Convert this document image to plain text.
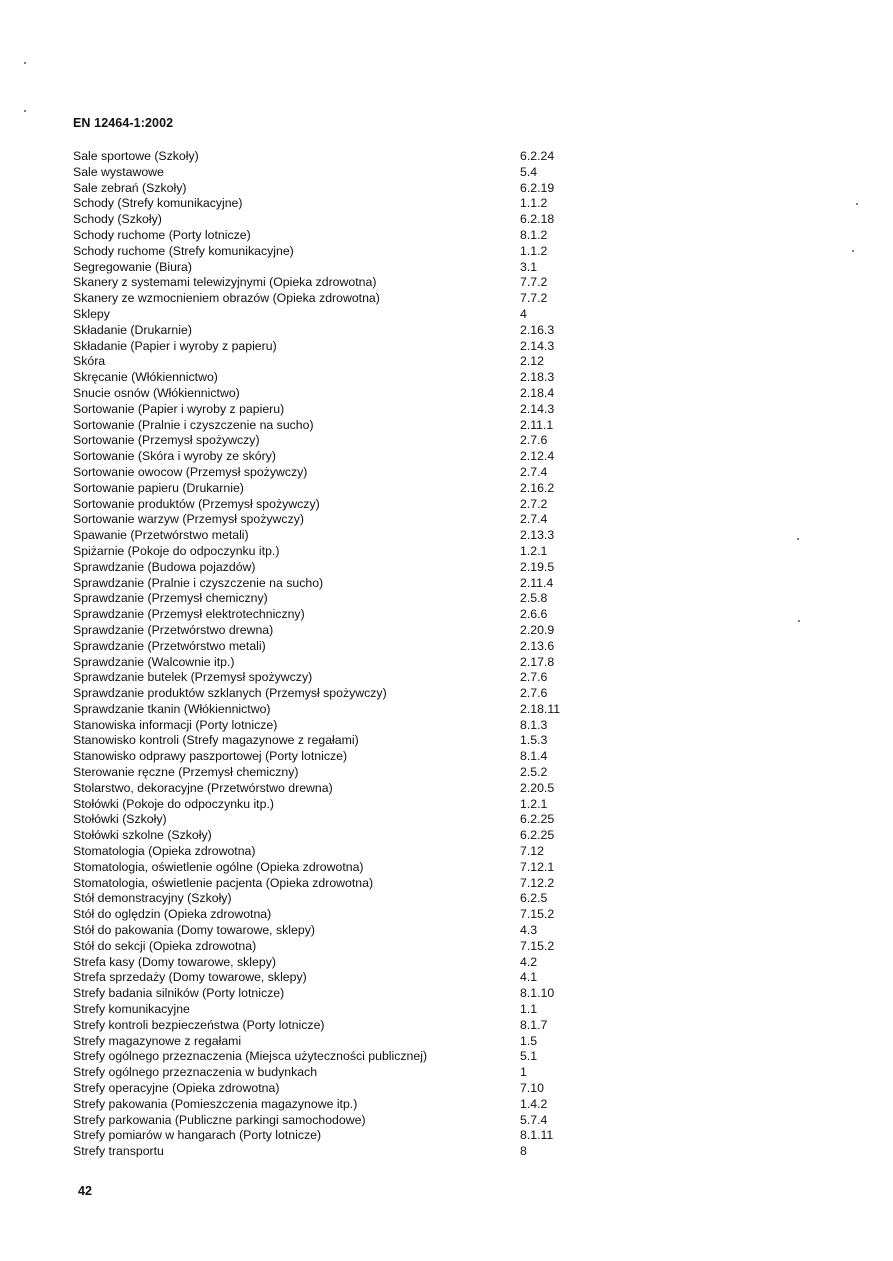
EN 12464-1:2002
Sale sportowe (Szkoły)	6.2.24
Sale wystawowe	5.4
Sale zebrań (Szkoły)	6.2.19
Schody (Strefy komunikacyjne)	1.1.2
Schody (Szkoły)	6.2.18
Schody ruchome (Porty lotnicze)	8.1.2
Schody ruchome (Strefy komunikacyjne)	1.1.2
Segregowanie (Biura)	3.1
Skanery z systemami telewizyjnymi (Opieka zdrowotna)	7.7.2
Skanery ze wzmocnieniem obrazów (Opieka zdrowotna)	7.7.2
Sklepy	4
Składanie (Drukarnie)	2.16.3
Składanie (Papier i wyroby z papieru)	2.14.3
Skóra	2.12
Skręcanie (Włókiennictwo)	2.18.3
Snucie osnów (Włókiennictwo)	2.18.4
Sortowanie (Papier i wyroby z papieru)	2.14.3
Sortowanie (Pralnie i czyszczenie na sucho)	2.11.1
Sortowanie (Przemysł spożywczy)	2.7.6
Sortowanie (Skóra i wyroby ze skóry)	2.12.4
Sortowanie owocow (Przemysł spożywczy)	2.7.4
Sortowanie papieru (Drukarnie)	2.16.2
Sortowanie produktów (Przemysł spożywczy)	2.7.2
Sortowanie warzyw (Przemysł spożywczy)	2.7.4
Spawanie (Przetwórstwo metali)	2.13.3
Spiżarnie (Pokoje do odpoczynku itp.)	1.2.1
Sprawdzanie (Budowa pojazdów)	2.19.5
Sprawdzanie (Pralnie i czyszczenie na sucho)	2.11.4
Sprawdzanie (Przemysł chemiczny)	2.5.8
Sprawdzanie (Przemysł elektrotechniczny)	2.6.6
Sprawdzanie (Przetwórstwo drewna)	2.20.9
Sprawdzanie (Przetwórstwo metali)	2.13.6
Sprawdzanie (Walcownie itp.)	2.17.8
Sprawdzanie butelek (Przemysł spożywczy)	2.7.6
Sprawdzanie produktów szklanych (Przemysł spożywczy)	2.7.6
Sprawdzanie tkanin (Włókiennictwo)	2.18.11
Stanowiska informacji (Porty lotnicze)	8.1.3
Stanowisko kontroli (Strefy magazynowe z regałami)	1.5.3
Stanowisko odprawy paszportowej (Porty lotnicze)	8.1.4
Sterowanie ręczne (Przemysł chemiczny)	2.5.2
Stolarstwo, dekoracyjne (Przetwórstwo drewna)	2.20.5
Stołówki (Pokoje do odpoczynku itp.)	1.2.1
Stołówki (Szkoły)	6.2.25
Stołówki szkolne (Szkoły)	6.2.25
Stomatologia (Opieka zdrowotna)	7.12
Stomatologia, oświetlenie ogólne (Opieka zdrowotna)	7.12.1
Stomatologia, oświetlenie pacjenta (Opieka zdrowotna)	7.12.2
Stół demonstracyjny (Szkoły)	6.2.5
Stół do oględzin (Opieka zdrowotna)	7.15.2
Stół do pakowania (Domy towarowe, sklepy)	4.3
Stół do sekcji (Opieka zdrowotna)	7.15.2
Strefa kasy (Domy towarowe, sklepy)	4.2
Strefa sprzedaży (Domy towarowe, sklepy)	4.1
Strefy badania silników (Porty lotnicze)	8.1.10
Strefy komunikacyjne	1.1
Strefy kontroli bezpieczeństwa (Porty lotnicze)	8.1.7
Strefy magazynowe z regałami	1.5
Strefy ogólnego przeznaczenia (Miejsca użyteczności publicznej)	5.1
Strefy ogólnego przeznaczenia w budynkach	1
Strefy operacyjne (Opieka zdrowotna)	7.10
Strefy pakowania (Pomieszczenia magazynowe itp.)	1.4.2
Strefy parkowania (Publiczne parkingi samochodowe)	5.7.4
Strefy pomiarów w hangarach (Porty lotnicze)	8.1.11
Strefy transportu	8
42
